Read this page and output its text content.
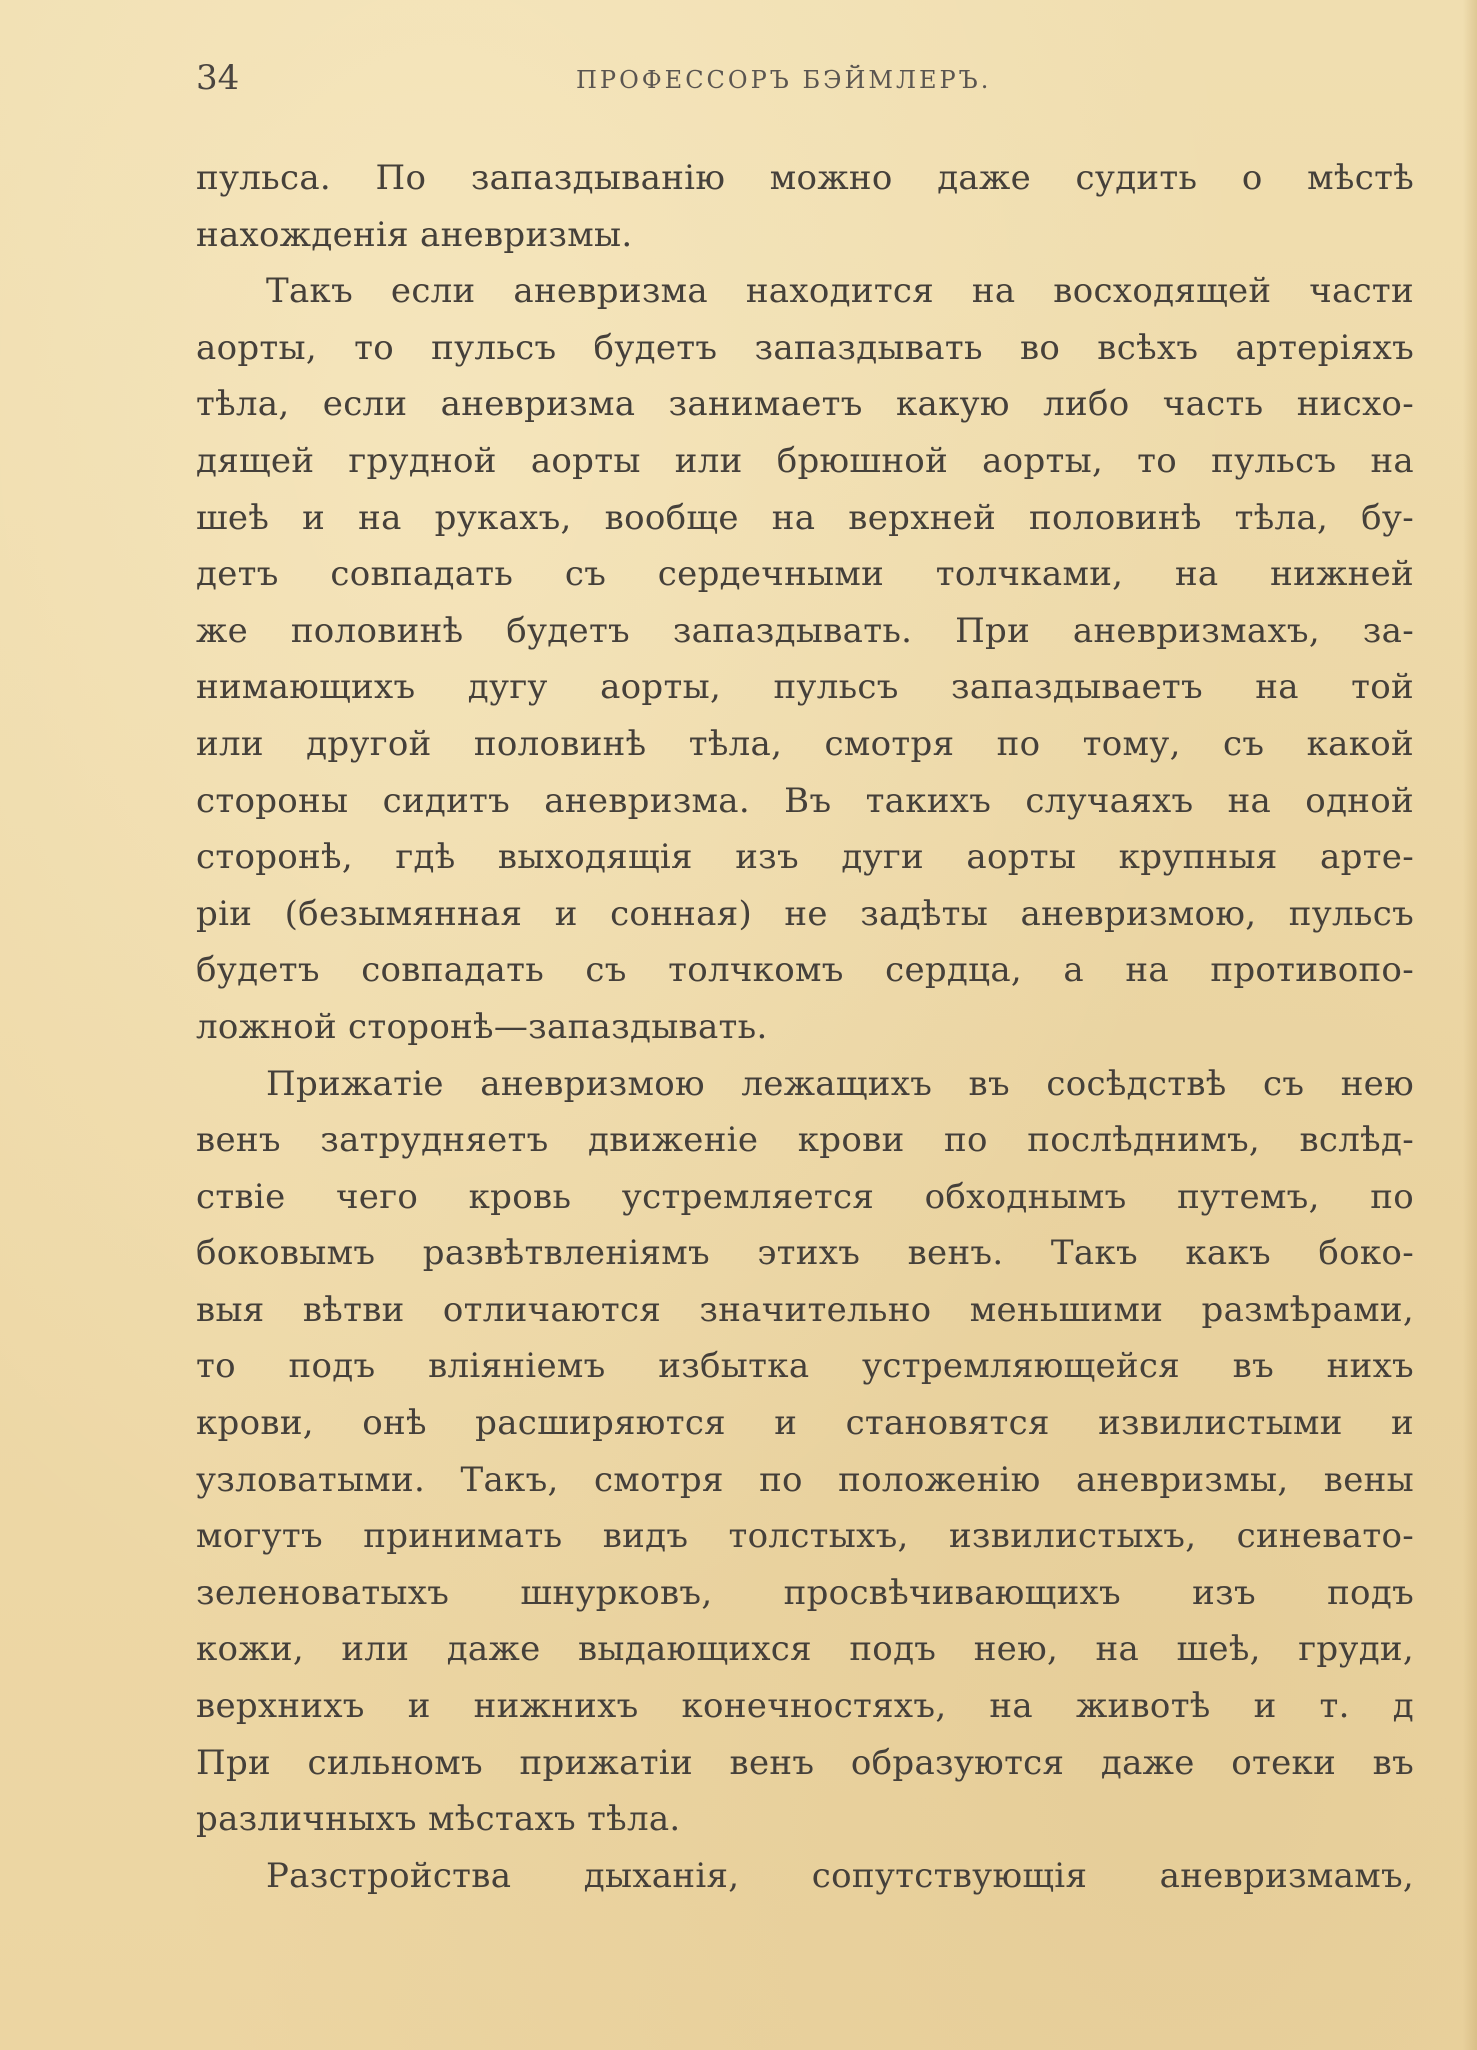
34	ПРОФЕССОРЪ БЭЙМЛЕРЪ.
пульса. По запаздыванію можно даже судить о мѣстѣ
нахожденія аневризмы.
Такъ если аневризма находится на восходящей части
аорты, то пульсъ будетъ запаздывать во всѣхъ артеріяхъ
тѣла, если аневризма занимаетъ какую либо часть нисхо-
дящей грудной аорты или брюшной аорты, то пульсъ на
шеѣ и на рукахъ, вообще на верхней половинѣ тѣла, бу-
детъ совпадать съ сердечными толчками, на нижней
же половинѣ будетъ запаздывать. При аневризмахъ, за-
нимающихъ дугу аорты, пульсъ запаздываетъ на той
или другой половинѣ тѣла, смотря по тому, съ какой
стороны сидитъ аневризма. Въ такихъ случаяхъ на одной
сторонѣ, гдѣ выходящія изъ дуги аорты крупныя арте-
ріи (безымянная и сонная) не задѣты аневризмою, пульсъ
будетъ совпадать съ толчкомъ сердца, а на противопо-
ложной сторонѣ—запаздывать.
Прижатіе аневризмою лежащихъ въ сосѣдствѣ съ нею
венъ затрудняетъ движеніе крови по послѣднимъ, вслѣд-
ствіе чего кровь устремляется обходнымъ путемъ, по
боковымъ развѣтвленіямъ этихъ венъ. Такъ какъ боко-
выя вѣтви отличаются значительно меньшими размѣрами,
то подъ вліяніемъ избытка устремляющейся въ нихъ
крови, онѣ расширяются и становятся извилистыми и
узловатыми. Такъ, смотря по положенію аневризмы, вены
могутъ принимать видъ толстыхъ, извилистыхъ, синевато-
зеленоватыхъ шнурковъ, просвѣчивающихъ изъ подъ
кожи, или даже выдающихся подъ нею, на шеѣ, груди,
верхнихъ и нижнихъ конечностяхъ, на животѣ и т. д
При сильномъ прижатіи венъ образуются даже отеки въ
различныхъ мѣстахъ тѣла.
Разстройства дыханія, сопутствующія аневризмамъ,
